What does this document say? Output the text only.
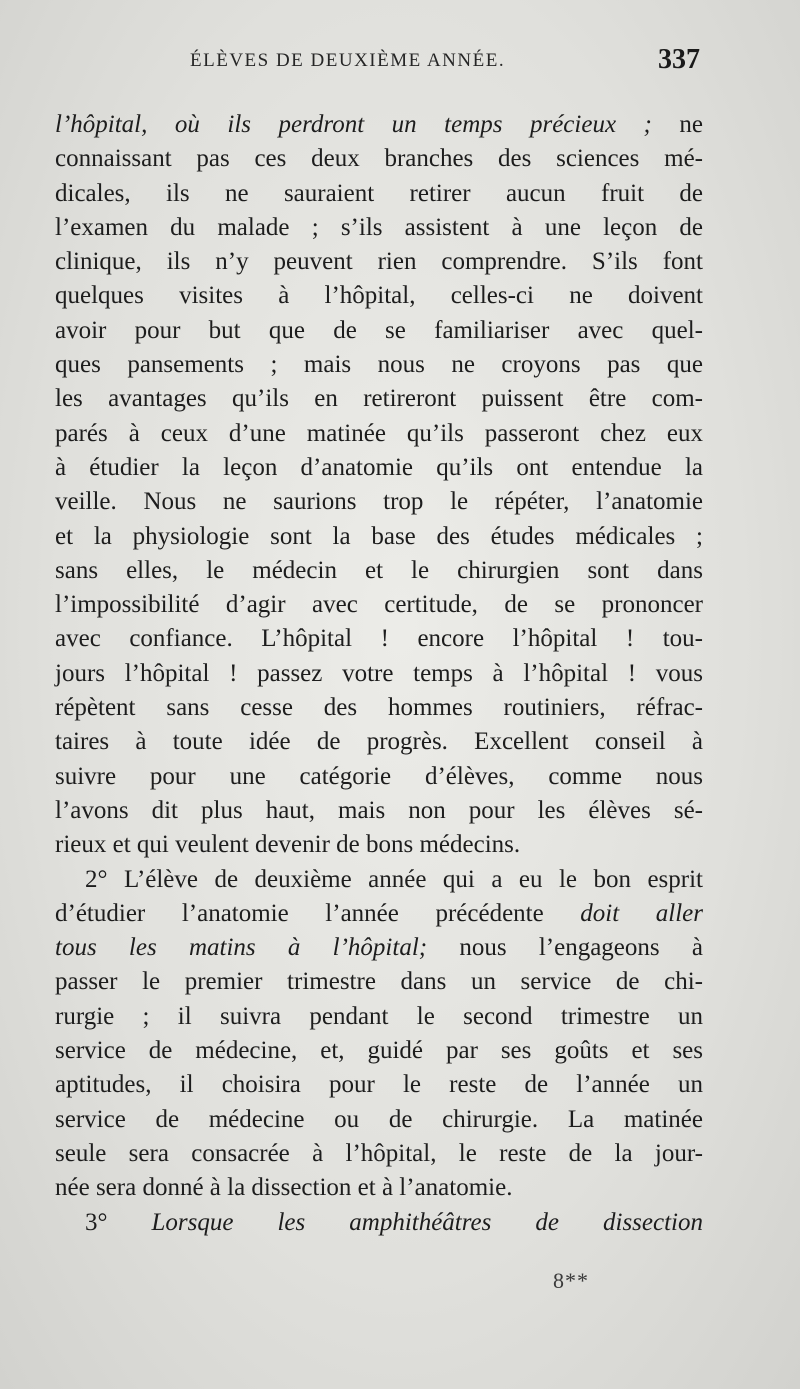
ÉLÈVES DE DEUXIÈME ANNÉE.	337
l’hôpital, où ils perdront un temps précieux ; ne
connaissant pas ces deux branches des sciences mé-
dicales, ils ne sauraient retirer aucun fruit de
l’examen du malade ; s’ils assistent à une leçon de
clinique, ils n’y peuvent rien comprendre. S’ils font
quelques visites à l’hôpital, celles-ci ne doivent
avoir pour but que de se familiariser avec quel-
ques pansements ; mais nous ne croyons pas que
les avantages qu’ils en retireront puissent être com-
parés à ceux d’une matinée qu’ils passeront chez eux
à étudier la leçon d’anatomie qu’ils ont entendue la
veille. Nous ne saurions trop le répéter, l’anatomie
et la physiologie sont la base des études médicales ;
sans elles, le médecin et le chirurgien sont dans
l’impossibilité d’agir avec certitude, de se prononcer
avec confiance. L’hôpital ! encore l’hôpital ! tou-
jours l’hôpital ! passez votre temps à l’hôpital ! vous
répètent sans cesse des hommes routiniers, réfrac-
taires à toute idée de progrès. Excellent conseil à
suivre pour une catégorie d’élèves, comme nous
l’avons dit plus haut, mais non pour les élèves sé-
rieux et qui veulent devenir de bons médecins.
2° L’élève de deuxième année qui a eu le bon esprit
d’étudier l’anatomie l’année précédente doit aller
tous les matins à l’hôpital; nous l’engageons à
passer le premier trimestre dans un service de chi-
rurgie ; il suivra pendant le second trimestre un
service de médecine, et, guidé par ses goûts et ses
aptitudes, il choisira pour le reste de l’année un
service de médecine ou de chirurgie. La matinée
seule sera consacrée à l’hôpital, le reste de la jour-
née sera donné à la dissection et à l’anatomie.
3° Lorsque les amphithéâtres de dissection
8**
